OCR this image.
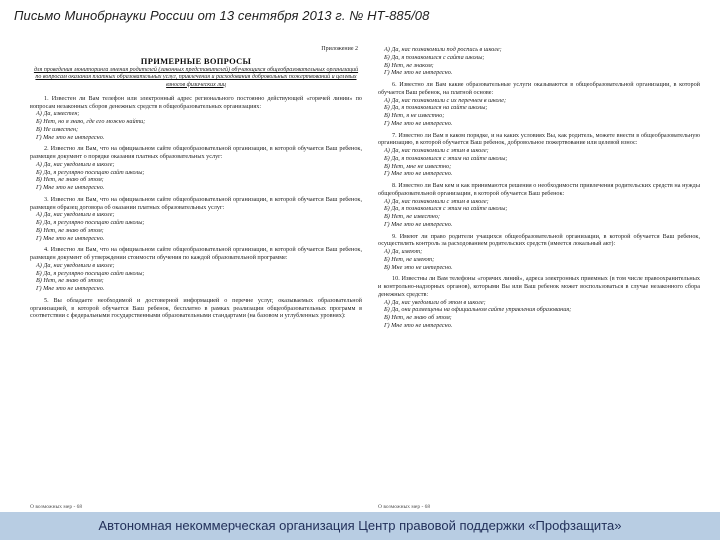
Письмо Минобрнауки России от 13 сентября 2013 г. № НТ-885/08
Приложение 2
ПРИМЕРНЫЕ ВОПРОСЫ
для проведения мониторинга мнения родителей (законных представителей) обучающихся общеобразовательных организаций по вопросам оказания платных образовательных услуг, привлечения и расходования добровольных пожертвований и целевых взносов физических лиц
1. Известен ли Вам телефон или электронный адрес регионального постоянно действующей «горячей линии» по вопросам незаконных сборов денежных средств в общеобразовательных организациях:
А) Да, известен;
Б) Нет, но я знаю, где его можно найти;
В) Не известен;
Г) Мне это не интересно.
2. Известно ли Вам, что на официальном сайте общеобразовательной организации, в которой обучается Ваш ребенок, размещен документ о порядке оказания платных образовательных услуг:
А) Да, нас уведомили в школе;
Б) Да, я регулярно посещаю сайт школы;
В) Нет, не знаю об этом;
Г) Мне это не интересно.
3. Известно ли Вам, что на официальном сайте общеобразовательной организации, в которой обучается Ваш ребенок, размещен образец договора об оказании платных образовательных услуг:
А) Да, нас уведомили в школе;
Б) Да, я регулярно посещаю сайт школы;
В) Нет, не знаю об этом;
Г) Мне это не интересно.
4. Известно ли Вам, что на официальном сайте общеобразовательной организации, в которой обучается Ваш ребенок, размещен документ об утверждении стоимости обучения по каждой образовательной программе:
А) Да, нас уведомили в школе;
Б) Да, я регулярно посещаю сайт школы;
В) Нет, не знаю об этом;
Г) Мне это не интересно.
5. Вы обладаете необходимой и достоверной информацией о перечне услуг, оказываемых образовательной организацией, в которой обучается Ваш ребенок, бесплатно в рамках реализации общеобразовательных программ в соответствии с федеральными государственными образовательными стандартами (на базовом и углубленных уровнях):
О возможных мер - 68
А) Да, нас познакомили под роспись в школе;
Б) Да, я познакомился с сайта школы;
В) Нет, не знаком;
Г) Мне это не интересно.
6. Известно ли Вам какие образовательные услуги оказываются в общеобразовательной организации, в которой обучается Ваш ребенок, на платной основе:
А) Да, нас познакомили с их перечнем в школе;
Б) Да, я познакомился на сайте школы;
В) Нет, я не известно;
Г) Мне это не интересно.
7. Известно ли Вам в каком порядке, и на каких условиях Вы, как родитель, можете внести в общеобразовательную организацию, в которой обучается Ваш ребенок, добровольное пожертвование или целевой взнос:
А) Да, нас познакомили с этим в школе;
Б) Да, я познакомился с этим на сайте школы;
В) Нет, мне не известно;
Г) Мне это не интересно.
8. Известно ли Вам кем и как принимаются решения о необходимости привлечения родительских средств на нужды общеобразовательной организации, в которой обучается Ваш ребенок:
А) Да, нас познакомили с этим в школе;
Б) Да, я познакомился с этим на сайте школы;
В) Нет, не известно;
Г) Мне это не интересно.
9. Имеют ли право родители учащихся общеобразовательной организации, в которой обучается Ваш ребенок, осуществлять контроль за расходованием родительских средств (имеется локальный акт):
А) Да, имеют;
Б) Нет, не имеют;
В) Мне это не интересно.
10. Известны ли Вам телефоны «горячих линий», адреса электронных приемных (в том числе правоохранительных и контрольно-надзорных органов), которыми Вы или Ваш ребенок может воспользоваться в случае незаконного сбора денежных средств:
А) Да, нас уведомили об этом в школе;
Б) Да, они размещены на официальном сайте управления образования;
В) Нет, не знаю об этом;
Г) Мне это не интересно.
О возможных мер - 68
Автономная некоммерческая организация Центр правовой поддержки «Профзащита»
